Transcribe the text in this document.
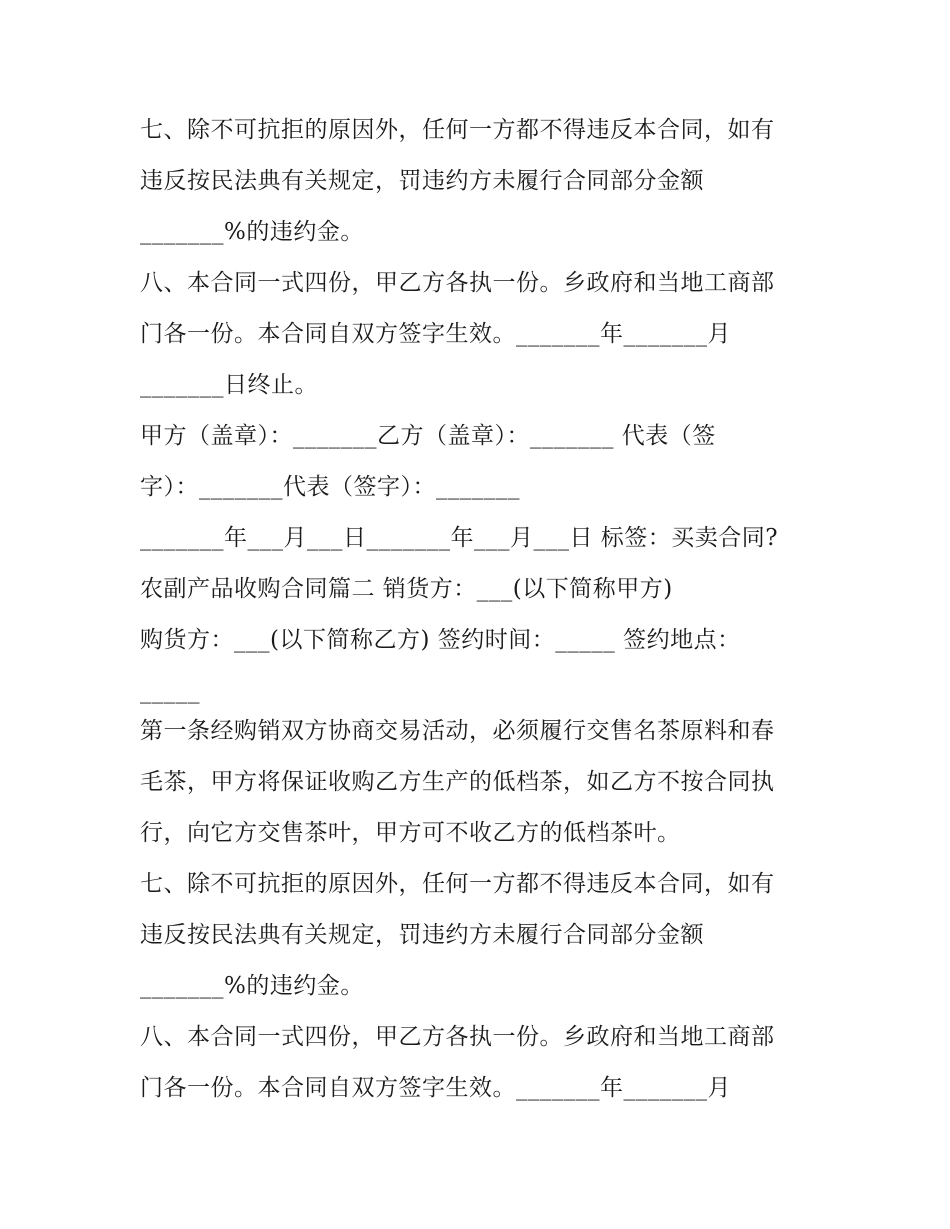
七、除不可抗拒的原因外，任何一方都不得违反本合同，如有

违反按民法典有关规定，罚违约方未履行合同部分金额

_______%的违约金。

八、本合同一式四份，甲乙方各执一份。乡政府和当地工商部

门各一份。本合同自双方签字生效。_______年_______月

_______日终止。

甲方（盖章）：_______乙方（盖章）：_______ 代表（签

字）：_______代表（签字）：_______

_______年___月___日_______年___月___日 标签：买卖合同?

农副产品收购合同篇二 销货方：___(以下简称甲方)

购货方：___(以下简称乙方) 签约时间：_____ 签约地点：

_____

第一条经购销双方协商交易活动，必须履行交售名茶原料和春

毛茶，甲方将保证收购乙方生产的低档茶，如乙方不按合同执

行，向它方交售茶叶，甲方可不收乙方的低档茶叶。

七、除不可抗拒的原因外，任何一方都不得违反本合同，如有

违反按民法典有关规定，罚违约方未履行合同部分金额

_______%的违约金。

八、本合同一式四份，甲乙方各执一份。乡政府和当地工商部

门各一份。本合同自双方签字生效。_______年_______月
